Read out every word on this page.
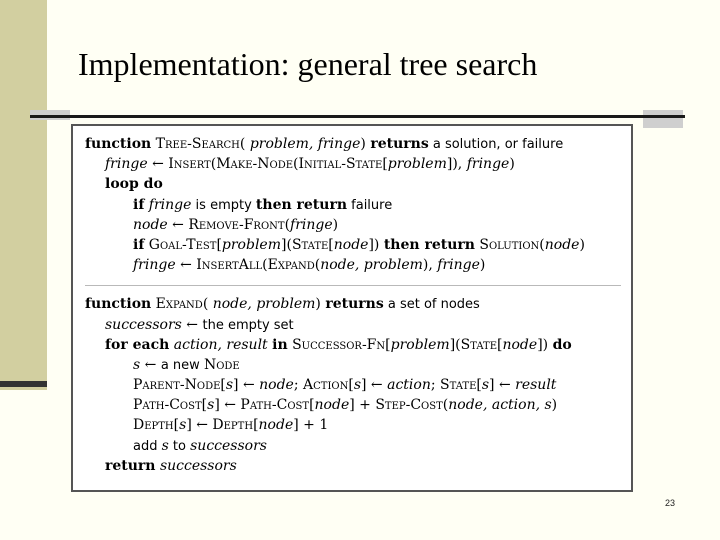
Implementation: general tree search
function Tree-Search( problem, fringe) returns a solution, or failure
fringe ← Insert(Make-Node(Initial-State[problem]), fringe)
loop do
if fringe is empty then return failure
node ← Remove-Front(fringe)
if Goal-Test[problem](State[node]) then return Solution(node)
fringe ← InsertAll(Expand(node, problem), fringe)
function Expand( node, problem) returns a set of nodes
successors ← the empty set
for each action, result in Successor-Fn[problem](State[node]) do
s ← a new Node
Parent-Node[s] ← node; Action[s] ← action; State[s] ← result
Path-Cost[s] ← Path-Cost[node] + Step-Cost(node, action, s)
Depth[s] ← Depth[node] + 1
add s to successors
return successors
23
